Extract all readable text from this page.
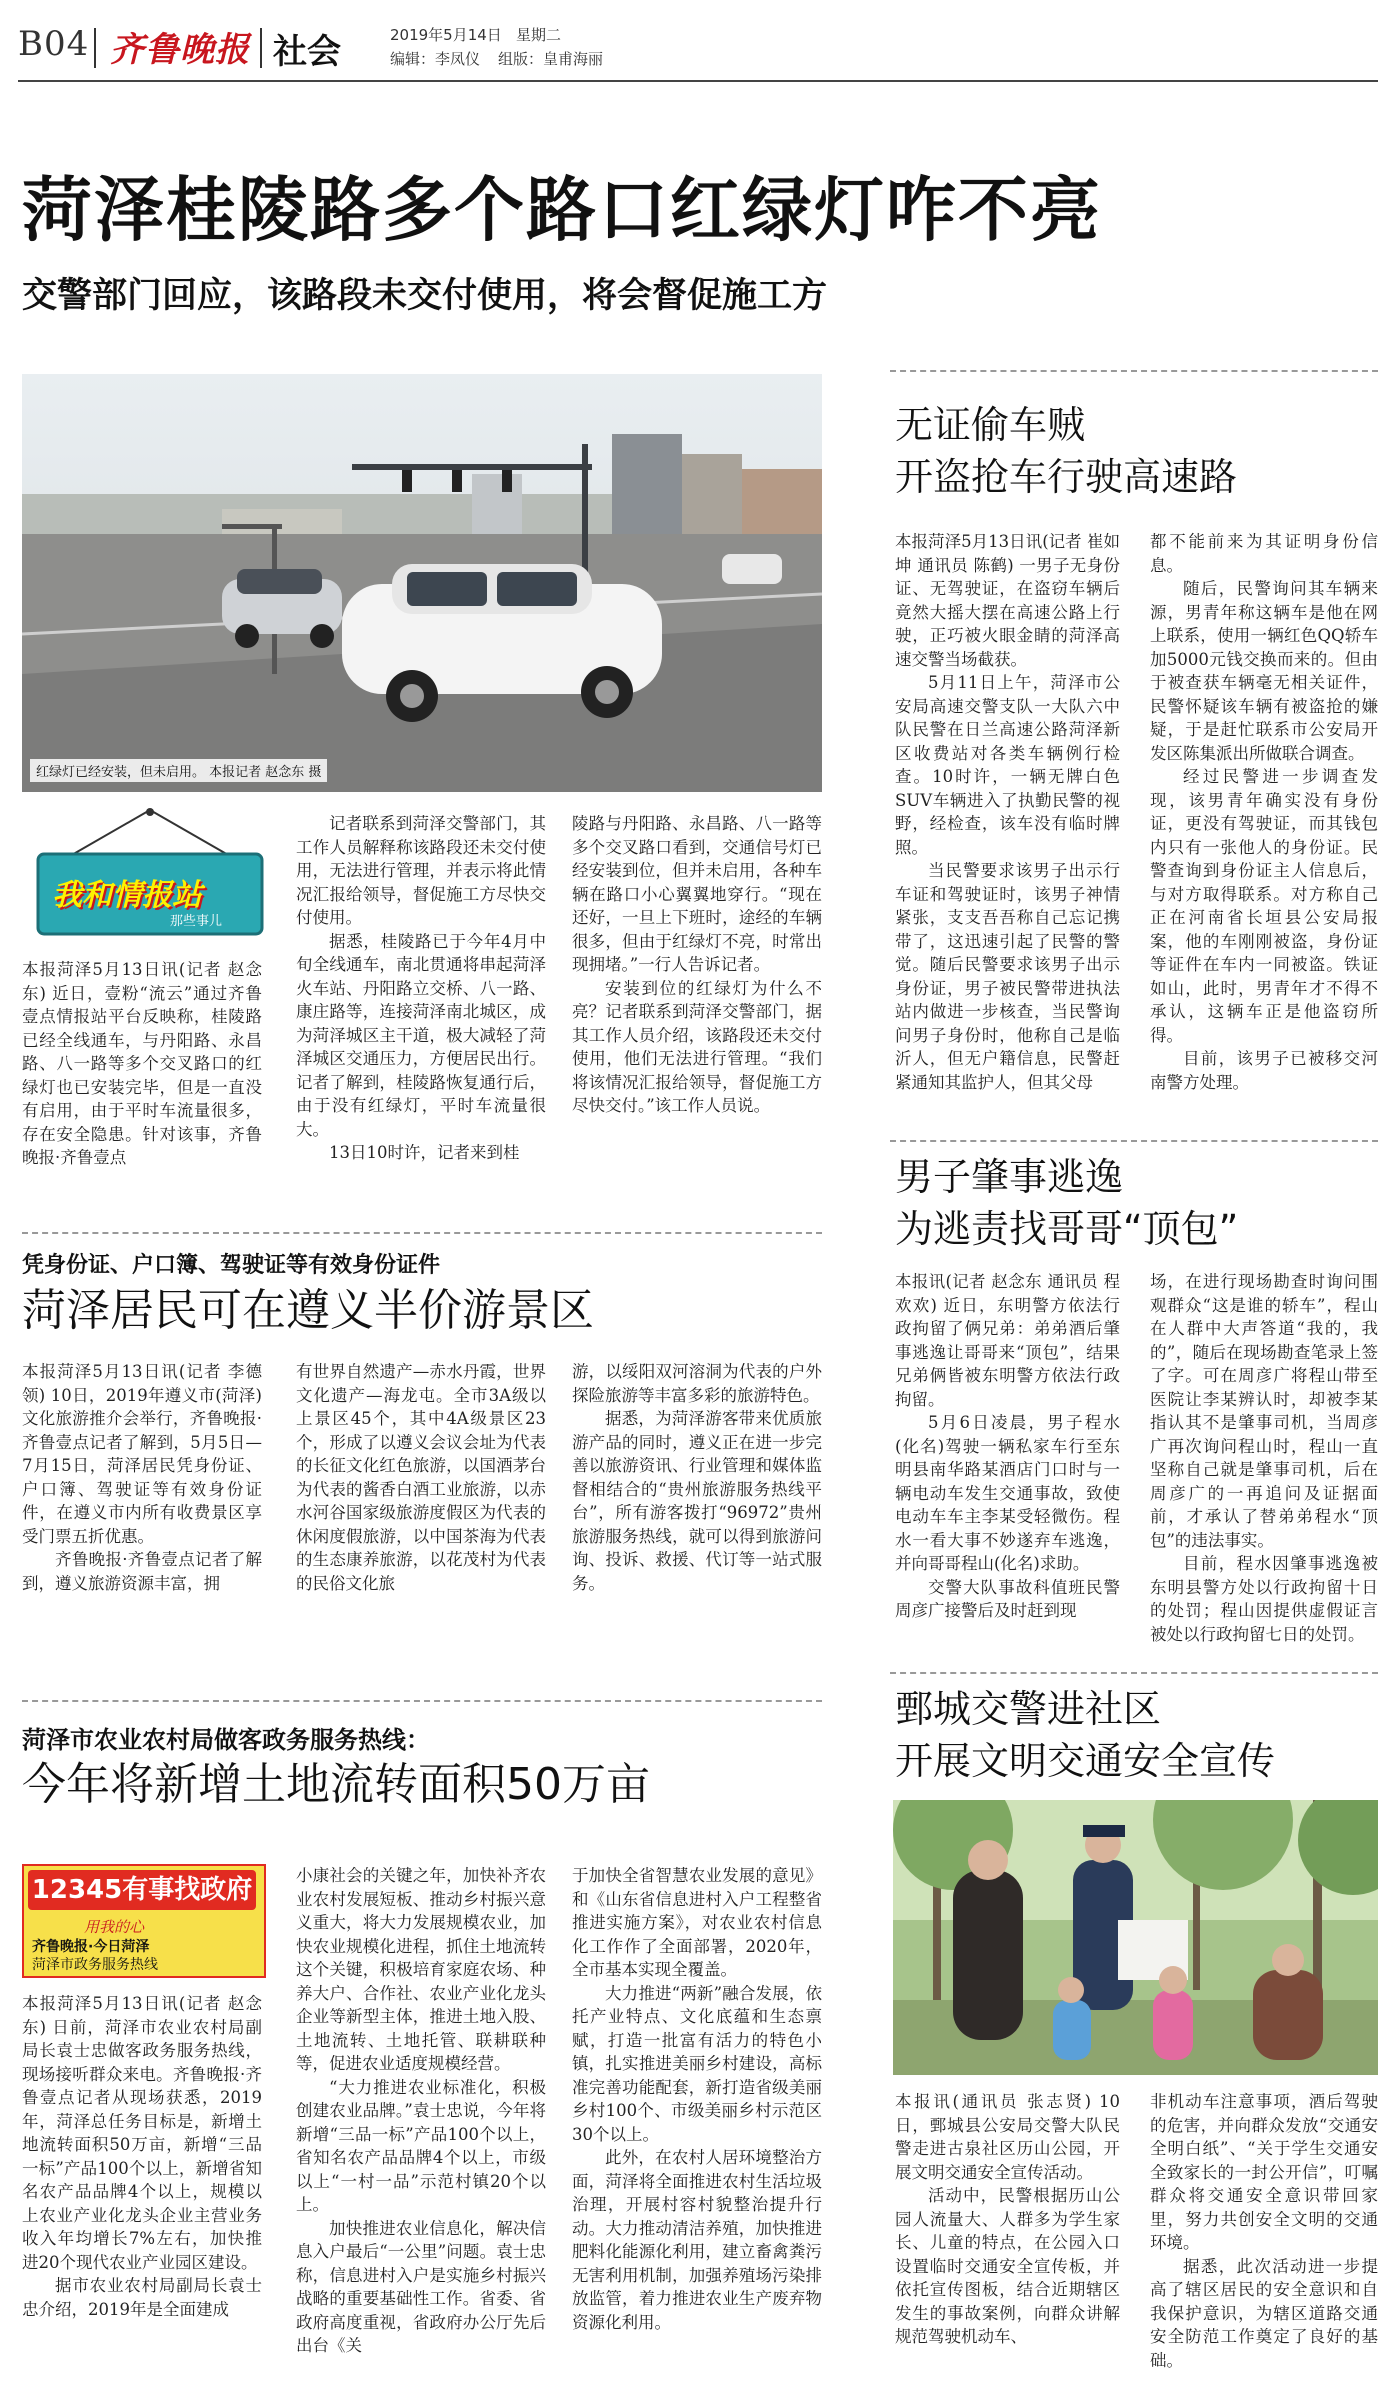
B04 齐鲁晚报 社会	2019年5月14日 星期二
编辑：李凤仪 组版：皇甫海丽
菏泽桂陵路多个路口红绿灯咋不亮
交警部门回应，该路段未交付使用，将会督促施工方
红绿灯已经安装，但未启用。 本报记者 赵念东 摄
我和情报站
那些事儿

本报菏泽5月13日讯(记者 赵念东) 近日，壹粉“流云”通过齐鲁壹点情报站平台反映称，桂陵路已经全线通车，与丹阳路、永昌路、八一路等多个交叉路口的红绿灯也已安装完毕，但是一直没有启用，由于平时车流量很多，存在安全隐患。针对该事，齐鲁晚报·齐鲁壹点

记者联系到菏泽交警部门，其工作人员解释称该路段还未交付使用，无法进行管理，并表示将此情况汇报给领导，督促施工方尽快交付使用。

据悉，桂陵路已于今年4月中旬全线通车，南北贯通将串起菏泽火车站、丹阳路立交桥、八一路、康庄路等，连接菏泽南北城区，成为菏泽城区主干道，极大减轻了菏泽城区交通压力，方便居民出行。记者了解到，桂陵路恢复通行后，由于没有红绿灯，平时车流量很大。

13日10时许，记者来到桂

陵路与丹阳路、永昌路、八一路等多个交叉路口看到，交通信号灯已经安装到位，但并未启用，各种车辆在路口小心翼翼地穿行。“现在还好，一旦上下班时，途经的车辆很多，但由于红绿灯不亮，时常出现拥堵。”一行人告诉记者。

安装到位的红绿灯为什么不亮？记者联系到菏泽交警部门，据其工作人员介绍，该路段还未交付使用，他们无法进行管理。“我们将该情况汇报给领导，督促施工方尽快交付。”该工作人员说。

无证偷车贼
开盗抢车行驶高速路

本报菏泽5月13日讯(记者 崔如坤 通讯员 陈鹤) 一男子无身份证、无驾驶证，在盗窃车辆后竟然大摇大摆在高速公路上行驶，正巧被火眼金睛的菏泽高速交警当场截获。

5月11日上午，菏泽市公安局高速交警支队一大队六中队民警在日兰高速公路菏泽新区收费站对各类车辆例行检查。10时许，一辆无牌白色SUV车辆进入了执勤民警的视野，经检查，该车没有临时牌照。

当民警要求该男子出示行车证和驾驶证时，该男子神情紧张，支支吾吾称自己忘记携带了，这迅速引起了民警的警觉。随后民警要求该男子出示身份证，男子被民警带进执法站内做进一步核查，当民警询问男子身份时，他称自己是临沂人，但无户籍信息，民警赶紧通知其监护人，但其父母

都不能前来为其证明身份信息。

随后，民警询问其车辆来源，男青年称这辆车是他在网上联系，使用一辆红色QQ轿车加5000元钱交换而来的。但由于被查获车辆毫无相关证件，民警怀疑该车辆有被盗抢的嫌疑，于是赶忙联系市公安局开发区陈集派出所做联合调查。

经过民警进一步调查发现，该男青年确实没有身份证，更没有驾驶证，而其钱包内只有一张他人的身份证。民警查询到身份证主人信息后，与对方取得联系。对方称自己正在河南省长垣县公安局报案，他的车刚刚被盗，身份证等证件在车内一同被盗。铁证如山，此时，男青年才不得不承认，这辆车正是他盗窃所得。

目前，该男子已被移交河南警方处理。

凭身份证、户口簿、驾驶证等有效身份证件
菏泽居民可在遵义半价游景区

本报菏泽5月13日讯(记者 李德领) 10日，2019年遵义市(菏泽)文化旅游推介会举行，齐鲁晚报·齐鲁壹点记者了解到，5月5日—7月15日，菏泽居民凭身份证、户口簿、驾驶证等有效身份证件，在遵义市内所有收费景区享受门票五折优惠。

齐鲁晚报·齐鲁壹点记者了解到，遵义旅游资源丰富，拥

有世界自然遗产—赤水丹霞，世界文化遗产—海龙屯。全市3A级以上景区45个，其中4A级景区23个，形成了以遵义会议会址为代表的长征文化红色旅游，以国酒茅台为代表的酱香白酒工业旅游，以赤水河谷国家级旅游度假区为代表的休闲度假旅游，以中国茶海为代表的生态康养旅游，以花茂村为代表的民俗文化旅

游，以绥阳双河溶洞为代表的户外探险旅游等丰富多彩的旅游特色。

据悉，为菏泽游客带来优质旅游产品的同时，遵义正在进一步完善以旅游资讯、行业管理和媒体监督相结合的“贵州旅游服务热线平台”，所有游客拨打“96972”贵州旅游服务热线，就可以得到旅游问询、投诉、救援、代订等一站式服务。

男子肇事逃逸
为逃责找哥哥“顶包”

本报讯(记者 赵念东 通讯员 程欢欢) 近日，东明警方依法行政拘留了俩兄弟：弟弟酒后肇事逃逸让哥哥来“顶包”，结果兄弟俩皆被东明警方依法行政拘留。

5月6日凌晨，男子程水(化名)驾驶一辆私家车行至东明县南华路某酒店门口时与一辆电动车发生交通事故，致使电动车车主李某受轻微伤。程水一看大事不妙遂弃车逃逸，并向哥哥程山(化名)求助。

交警大队事故科值班民警周彦广接警后及时赶到现

场，在进行现场勘查时询问围观群众“这是谁的轿车”，程山在人群中大声答道“我的，我的”，随后在现场勘查笔录上签了字。可在周彦广将程山带至医院让李某辨认时，却被李某指认其不是肇事司机，当周彦广再次询问程山时，程山一直坚称自己就是肇事司机，后在周彦广的一再追问及证据面前，才承认了替弟弟程水“顶包”的违法事实。

目前，程水因肇事逃逸被东明县警方处以行政拘留十日的处罚；程山因提供虚假证言被处以行政拘留七日的处罚。

菏泽市农业农村局做客政务服务热线：
今年将新增土地流转面积50万亩
12345有事找政府
用我的心
齐鲁晚报·今日菏泽
菏泽市政务服务热线

本报菏泽5月13日讯(记者 赵念东) 日前，菏泽市农业农村局副局长袁士忠做客政务服务热线，现场接听群众来电。齐鲁晚报·齐鲁壹点记者从现场获悉，2019年，菏泽总任务目标是，新增土地流转面积50万亩，新增“三品一标”产品100个以上，新增省知名农产品品牌4个以上，规模以上农业产业化龙头企业主营业务收入年均增长7%左右，加快推进20个现代农业产业园区建设。

据市农业农村局副局长袁士忠介绍，2019年是全面建成

小康社会的关键之年，加快补齐农业农村发展短板、推动乡村振兴意义重大，将大力发展规模农业，加快农业规模化进程，抓住土地流转这个关键，积极培育家庭农场、种养大户、合作社、农业产业化龙头企业等新型主体，推进土地入股、土地流转、土地托管、联耕联种等，促进农业适度规模经营。

“大力推进农业标准化，积极创建农业品牌。”袁士忠说，今年将新增“三品一标”产品100个以上，省知名农产品品牌4个以上，市级以上“一村一品”示范村镇20个以上。

加快推进农业信息化，解决信息入户最后“一公里”问题。袁士忠称，信息进村入户是实施乡村振兴战略的重要基础性工作。省委、省政府高度重视，省政府办公厅先后出台《关

于加快全省智慧农业发展的意见》和《山东省信息进村入户工程整省推进实施方案》，对农业农村信息化工作作了全面部署，2020年，全市基本实现全覆盖。

大力推进“两新”融合发展，依托产业特点、文化底蕴和生态禀赋，打造一批富有活力的特色小镇，扎实推进美丽乡村建设，高标准完善功能配套，新打造省级美丽乡村100个、市级美丽乡村示范区30个以上。

此外，在农村人居环境整治方面，菏泽将全面推进农村生活垃圾治理，开展村容村貌整治提升行动。大力推动清洁养殖，加快推进肥料化能源化利用，建立畜禽粪污无害利用机制，加强养殖场污染排放监管，着力推进农业生产废弃物资源化利用。

鄄城交警进社区
开展文明交通安全宣传

本报讯(通讯员 张志贤) 10日，鄄城县公安局交警大队民警走进古泉社区历山公园，开展文明交通安全宣传活动。

活动中，民警根据历山公园人流量大、人群多为学生家长、儿童的特点，在公园入口设置临时交通安全宣传板，并依托宣传图板，结合近期辖区发生的事故案例，向群众讲解规范驾驶机动车、

非机动车注意事项，酒后驾驶的危害，并向群众发放“交通安全明白纸”、“关于学生交通安全致家长的一封公开信”，叮嘱群众将交通安全意识带回家里，努力共创安全文明的交通环境。

据悉，此次活动进一步提高了辖区居民的安全意识和自我保护意识，为辖区道路交通安全防范工作奠定了良好的基础。
